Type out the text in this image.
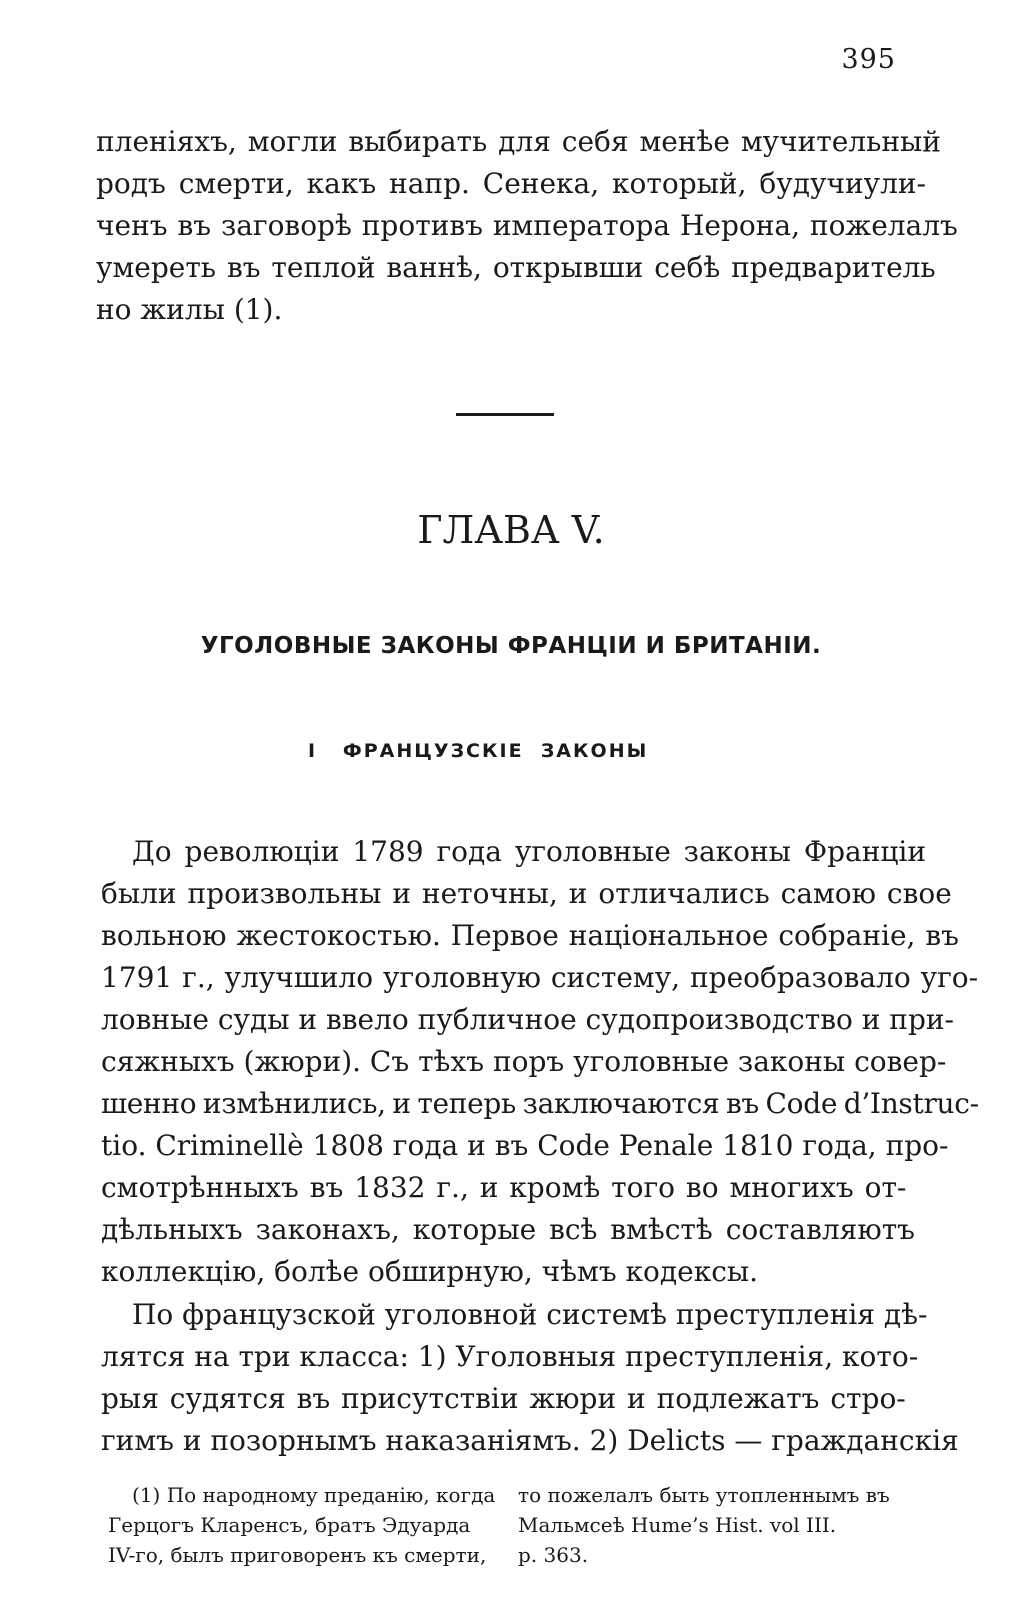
395
пленіяхъ, могли выбирать для себя менѣе мучительный
родъ смерти, какъ напр. Сенека, который, будучиули-
ченъ въ заговорѣ противъ императора Нерона, пожелалъ
умереть въ теплой ваннѣ, открывши себѣ предваритель
но жилы (1).
ГЛАВА V.
УГОЛОВНЫЕ ЗАКОНЫ ФРАНЦІИ И БРИТАНІИ.
I   ФРАНЦУЗСКІЕ  ЗАКОНЫ
До революціи 1789 года уголовные законы Франціи
были произвольны и неточны, и отличались самою свое
вольною жестокостью. Первое національное собраніе, въ
1791 г., улучшило уголовную систему, преобразовало уго-
ловные суды и ввело публичное судопроизводство и при-
сяжныхъ (жюри). Съ тѣхъ поръ уголовные законы совер-
шенно измѣнились, и теперь заключаются въ Code d’Instruc-
tio. Criminellè 1808 года и въ Code Penale 1810 года, про-
смотрѣнныхъ въ 1832 г., и кромѣ того во многихъ от-
дѣльныхъ законахъ, которые всѣ вмѣстѣ составляютъ
коллекцію, болѣе обширную, чѣмъ кодексы.
По французской уголовной системѣ преступленія дѣ-
лятся на три класса: 1) Уголовныя преступленія, кото-
рыя судятся въ присутствіи жюри и подлежатъ стро-
гимъ и позорнымъ наказаніямъ. 2) Delicts — гражданскія
(1) По народному преданію, когда
Герцогъ Кларенсъ, братъ Эдуарда
IV-го, былъ приговоренъ къ смерти,
то пожелалъ быть утопленнымъ въ
Мальмсеѣ Hume’s Hist. vol III.
p. 363.
